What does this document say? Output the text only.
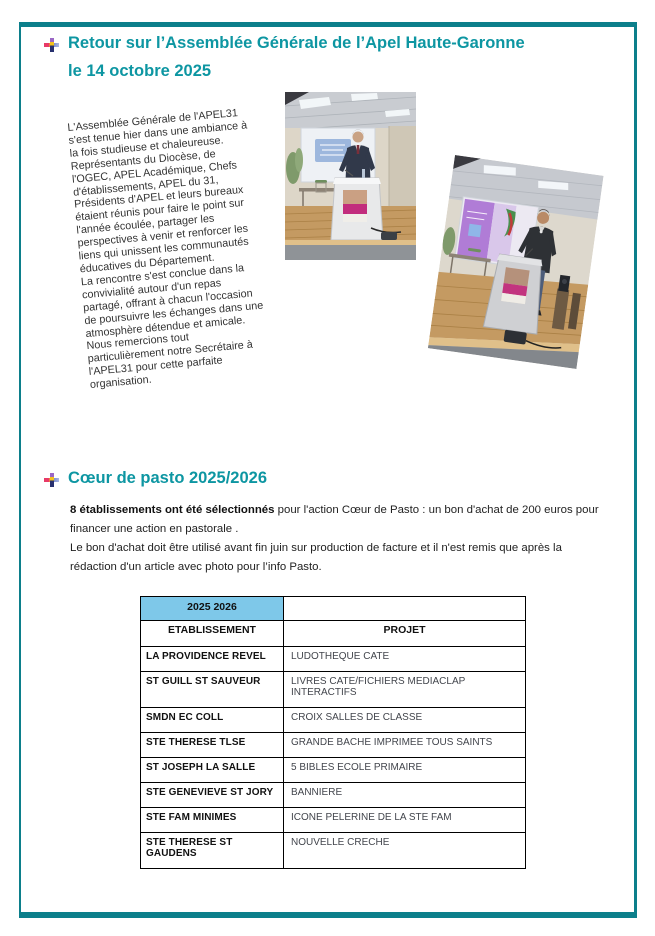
Retour sur l’Assemblée Générale de l’Apel Haute-Garonne
le 14 octobre 2025
L'Assemblée Générale de l'APEL31
s'est tenue hier dans une ambiance à
la fois studieuse et chaleureuse.
Représentants du Diocèse, de
l'OGEC, APEL Académique, Chefs
d'établissements, APEL du 31,
Présidents d'APEL et leurs bureaux
étaient réunis pour faire le point sur
l'année écoulée, partager les
perspectives à venir et renforcer les
liens qui unissent les communautés
éducatives du Département.
La rencontre s'est conclue dans la
convivialité autour d'un repas
partagé, offrant à chacun l'occasion
de poursuivre les échanges dans une
atmosphère détendue et amicale.
Nous remercions tout
particulièrement notre Secrétaire à
l'APEL31 pour cette parfaite
organisation.
Cœur de pasto 2025/2026
8 établissements ont été sélectionnés pour l'action Cœur de Pasto : un bon d'achat de 200 euros pour financer une action en pastorale .
Le bon d'achat doit être utilisé avant fin juin sur production de facture et il n'est remis que après la rédaction d'un article avec photo pour l’info Pasto.
2025 2026	
ETABLISSEMENT	PROJET
LA PROVIDENCE REVEL	LUDOTHEQUE CATE
ST GUILL ST SAUVEUR	LIVRES CATE/FICHIERS MEDIACLAP INTERACTIFS
SMDN EC COLL	CROIX SALLES DE CLASSE
STE THERESE TLSE	GRANDE BACHE IMPRIMEE TOUS SAINTS
ST JOSEPH LA SALLE	5 BIBLES ECOLE PRIMAIRE
STE GENEVIEVE ST JORY	BANNIERE
STE FAM MINIMES	ICONE PELERINE DE LA STE FAM
STE THERESE ST GAUDENS	NOUVELLE CRECHE
